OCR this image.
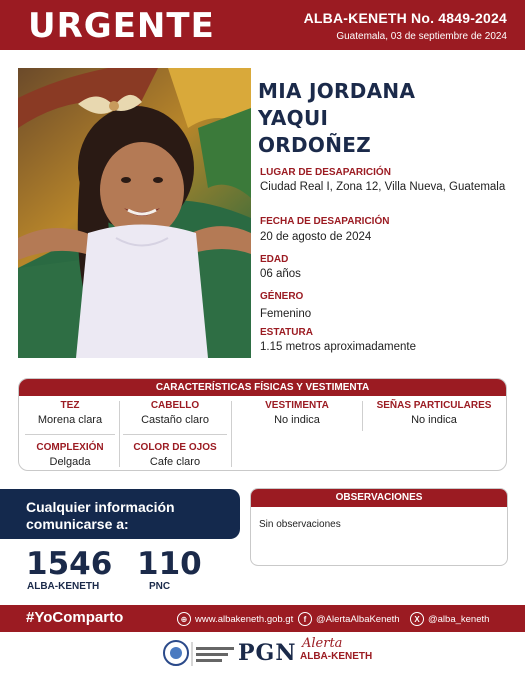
URGENTE	ALBA-KENETH No. 4849-2024
Guatemala, 03 de septiembre de 2024
MIA JORDANA
YAQUI
ORDOÑEZ
LUGAR DE DESAPARICIÓN
Ciudad Real I, Zona 12, Villa Nueva, Guatemala
FECHA DE DESAPARICIÓN
20 de agosto de 2024
EDAD
06 años
GÉNERO
Femenino
ESTATURA
1.15 metros aproximadamente
CARACTERÍSTICAS FÍSICAS Y VESTIMENTA
TEZ
Morena clara
CABELLO
Castaño claro
VESTIMENTA
No indica
SEÑAS PARTICULARES
No indica
COMPLEXIÓN
Delgada
COLOR DE OJOS
Cafe claro
Cualquier información
comunicarse a:
1546
ALBA-KENETH
110
PNC
OBSERVACIONES
Sin observaciones
#YoComparto	⊕ www.albakeneth.gob.gt	f	@AlertaAlbaKeneth	X @alba_keneth
PGN Alerta
ALBA-KENETH
